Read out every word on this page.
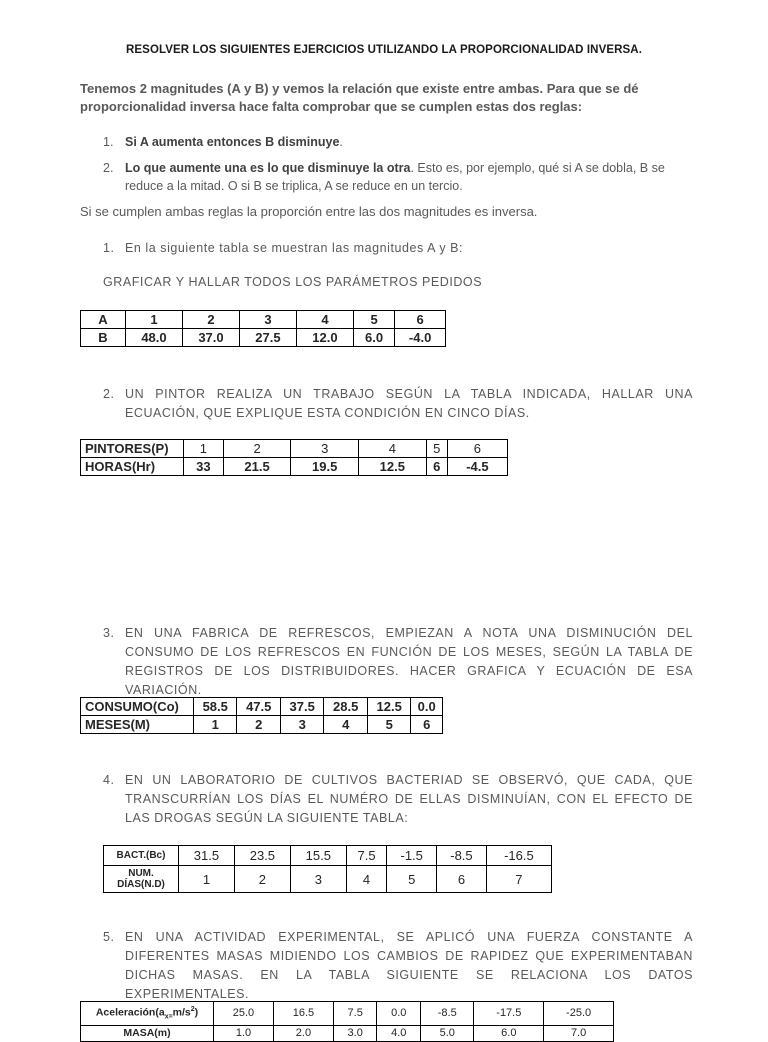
RESOLVER LOS SIGUIENTES EJERCICIOS UTILIZANDO LA PROPORCIONALIDAD INVERSA.
Tenemos 2 magnitudes (A y B) y vemos la relación que existe entre ambas. Para que se dé proporcionalidad inversa hace falta comprobar que se cumplen estas dos reglas:
1. Si A aumenta entonces B disminuye.
2. Lo que aumente una es lo que disminuye la otra. Esto es, por ejemplo, qué si A se dobla, B se reduce a la mitad. O si B se triplica, A se reduce en un tercio.
Si se cumplen ambas reglas la proporción entre las dos magnitudes es inversa.
1. En la siguiente tabla se muestran las magnitudes A y B:
GRAFICAR Y HALLAR TODOS LOS PARÁMETROS PEDIDOS
A	1	2	3	4	5	6
B	48.0	37.0	27.5	12.0	6.0	-4.0
2. UN PINTOR REALIZA UN TRABAJO SEGÚN LA TABLA INDICADA, HALLAR UNA ECUACIÓN, QUE EXPLIQUE ESTA CONDICIÓN EN CINCO DÍAS.
PINTORES(P)	1	2	3	4	5	6
HORAS(Hr)	33	21.5	19.5	12.5	6	-4.5
3. EN UNA FABRICA DE REFRESCOS, EMPIEZAN A NOTA UNA DISMINUCIÓN DEL CONSUMO DE LOS REFRESCOS EN FUNCIÓN DE LOS MESES, SEGÚN LA TABLA DE REGISTROS DE LOS DISTRIBUIDORES. HACER GRAFICA Y ECUACIÓN DE ESA VARIACIÓN.
CONSUMO(Co)	58.5	47.5	37.5	28.5	12.5	0.0
MESES(M)	1	2	3	4	5	6
4. EN UN LABORATORIO DE CULTIVOS BACTERIAD SE OBSERVÓ, QUE CADA, QUE TRANSCURRÍAN LOS DÍAS EL NUMÉRO DE ELLAS DISMINUÍAN, CON EL EFECTO DE LAS DROGAS SEGÚN LA SIGUIENTE TABLA:
BACT.(Bc)	31.5	23.5	15.5	7.5	-1.5	-8.5	-16.5

NUM.
DÍAS(N.D)	1	2	3	4	5	6	7
5. EN UNA ACTIVIDAD EXPERIMENTAL, SE APLICÓ UNA FUERZA CONSTANTE A DIFERENTES MASAS MIDIENDO LOS CAMBIOS DE RAPIDEZ QUE EXPERIMENTABAN DICHAS MASAS. EN LA TABLA SIGUIENTE SE RELACIONA LOS DATOS EXPERIMENTALES.
$Aceleración(a_{x=}m/s^2)$	25.0	16.5	7.5	0.0	-8.5	-17.5	-25.0
MASA(m)	1.0	2.0	3.0	4.0	5.0	6.0	7.0
